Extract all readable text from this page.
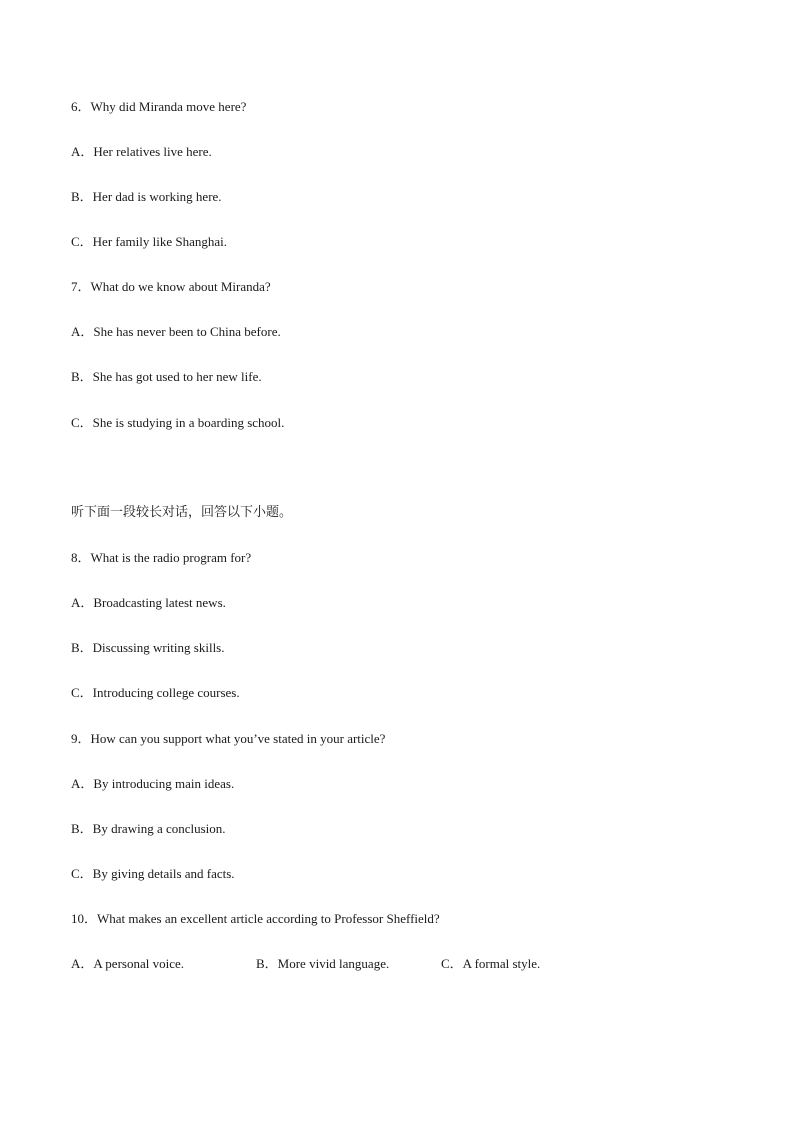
6．Why did Miranda move here?
A．Her relatives live here.
B．Her dad is working here.
C．Her family like Shanghai.
7．What do we know about Miranda?
A．She has never been to China before.
B．She has got used to her new life.
C．She is studying in a boarding school.
听下面一段较长对话，回答以下小题。
8．What is the radio program for?
A．Broadcasting latest news.
B．Discussing writing skills.
C．Introducing college courses.
9．How can you support what you’ve stated in your article?
A．By introducing main ideas.
B．By drawing a conclusion.
C．By giving details and facts.
10．What makes an excellent article according to Professor Sheffield?
A．A personal voice.	B．More vivid language.	C．A formal style.
